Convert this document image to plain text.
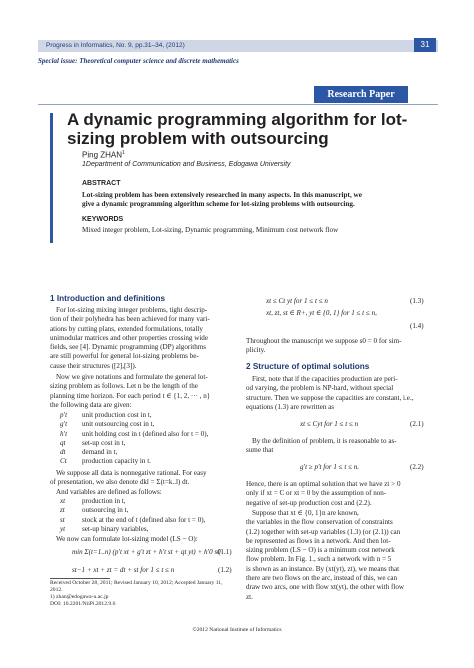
Progress in Informatics, No. 9, pp.31–34, (2012)	31
Special issue: Theoretical computer science and discrete mathematics
Research Paper
A dynamic programming algorithm for lot-sizing problem with outsourcing
Ping ZHAN$^1$
1Department of Communication and Business, Edogawa University
ABSTRACT
Lot-sizing problem has been extensively researched in many aspects. In this manuscript, we
give a dynamic programming algorithm scheme for lot-sizing problems with outsourcing.
KEYWORDS
Mixed integer problem, Lot-sizing, Dynamic programming, Minimum cost network flow
1 Introduction and definitions
For lot-sizing mixing integer problems, tight descrip-
tion of their polyhedra has been achieved for many vari-
ations by cutting plans, extended formulations, totally
unimodular matrices and other properties crossing wide
fields, see [4]. Dynamic programming (DP) algorithms
are still powerful for general lot-sizing problems be-
cause their structures ([2],[3]).
Now we give notations and formulate the general lot-
sizing problem as follows. Let n be the length of the
planning time horizon. For each period t ∈ {1, 2, ··· , n}
the following data are given:
p't unit production cost in t,
g't unit outsourcing cost in t,
h't unit holding cost in t (defined also for t = 0),
qt set-up cost in t,
dt demand in t,
Ct production capacity in t.
We suppose all data is nonnegative rational. For easy
of presentation, we also denote dkl = Σ(t=k..l) dt.
And variables are defined as follows:
xt production in t,
zt outsourcing in t,
st stock at the end of t (defined also for t = 0),
yt set-up binary variables,
We now can formulate lot-sizing model (LS − O):
min Σ(t=1..n) (p't xt + g't zt + h't st + qt yt) + h'0 s0
(1.1)
st−1 + xt + zt = dt + st for 1 ≤ t ≤ n	(1.2)
Received October 28, 2011; Revised January 10, 2012; Accepted January 11,
2012.
1) zhan@edogawa-u.ac.jp
DOI: 10.2201/NiiPi.2012.9.6
xt ≤ Ct yt for 1 ≤ t ≤ n	(1.3)
xt, zt, st ∈ R+, yt ∈ {0, 1} for 1 ≤ t ≤ n,
(1.4)
Throughout the manuscript we suppose s0 = 0 for sim-
plicity.
2 Structure of optimal solutions
First, note that if the capacities production are peri-
od varying, the problem is NP-hard, without special
structure. Then we suppose the capacities are constant, i.e.,
equations (1.3) are rewritten as
xt ≤ Cyt for 1 ≤ t ≤ n	(2.1)
By the definition of problem, it is reasonable to as-
sume that
g't ≥ p't for 1 ≤ t ≤ n.	(2.2)
Hence, there is an optimal solution that we have zt > 0
only if xt = C or xt = 0 by the assumption of non-
negative of set-up production cost and (2.2).
Suppose that xt ∈ {0, 1}n are known,
the variables in the flow conservation of constraints
(1.2) together with set-up variables (1.3) (or (2.1)) can
be represented as flows in a network. And then lot-
sizing problem (LS − O) is a minimum cost network
flow problem. In Fig. 1., such a network with n = 5
is shown as an instance. By (xt(yt), zt), we means that
there are two flows on the arc, instead of this, we can
draw two arcs, one with flow xt(yt), the other with flow
zt.
©2012 National Institute of Informatics
